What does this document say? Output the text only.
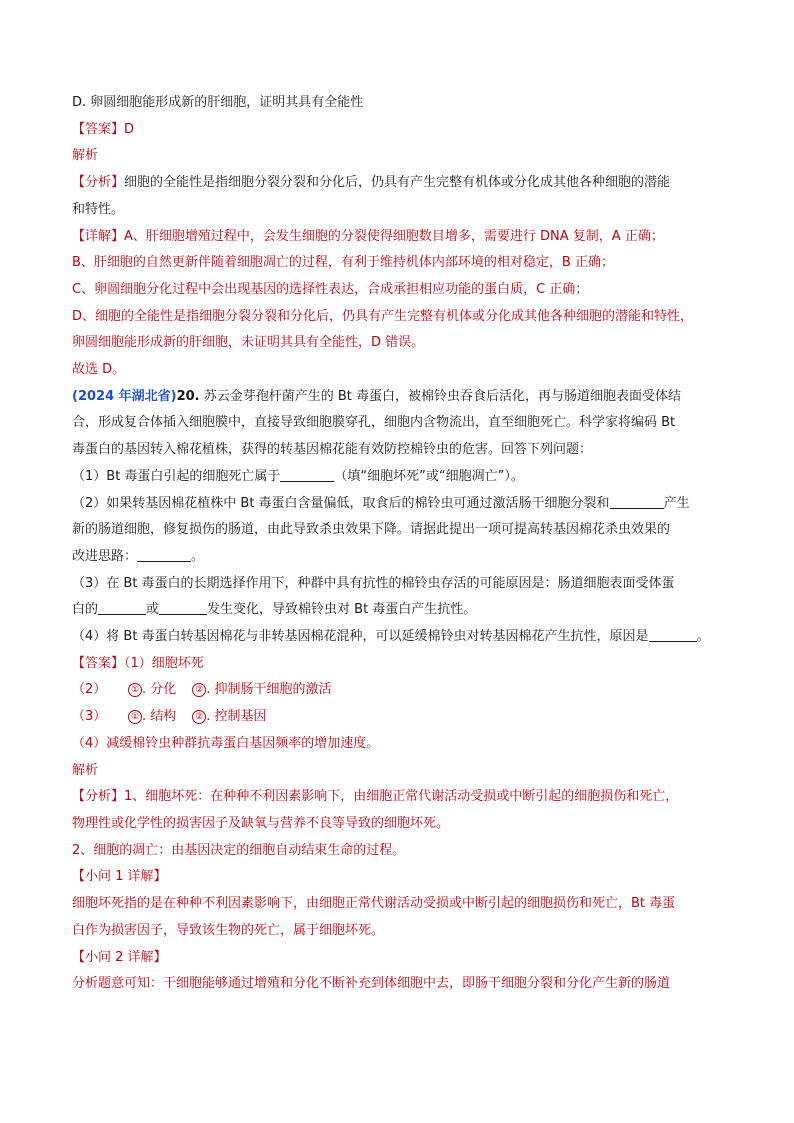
D. 卵圆细胞能形成新的肝细胞，证明其具有全能性
【答案】D
解析
【分析】细胞的全能性是指细胞分裂分裂和分化后，仍具有产生完整有机体或分化成其他各种细胞的潜能
和特性。
【详解】A、肝细胞增殖过程中，会发生细胞的分裂使得细胞数目增多，需要进行 DNA 复制，A 正确；
B、肝细胞的自然更新伴随着细胞凋亡的过程，有利于维持机体内部环境的相对稳定，B 正确；
C、卵圆细胞分化过程中会出现基因的选择性表达，合成承担相应功能的蛋白质，C 正确；
D、细胞的全能性是指细胞分裂分裂和分化后，仍具有产生完整有机体或分化成其他各种细胞的潜能和特性，
卵圆细胞能形成新的肝细胞，未证明其具有全能性，D 错误。
故选 D。
(2024 年湖北省)20. 苏云金芽孢杆菌产生的 Bt 毒蛋白，被棉铃虫吞食后活化，再与肠道细胞表面受体结
合，形成复合体插入细胞膜中，直接导致细胞膜穿孔，细胞内含物流出，直至细胞死亡。科学家将编码 Bt
毒蛋白的基因转入棉花植株，获得的转基因棉花能有效防控棉铃虫的危害。回答下列问题：
（1）Bt 毒蛋白引起的细胞死亡属于	（填“细胞坏死”或“细胞凋亡”）。
（2）如果转基因棉花植株中 Bt 毒蛋白含量偏低，取食后的棉铃虫可通过激活肠干细胞分裂和	产生
新的肠道细胞，修复损伤的肠道，由此导致杀虫效果下降。请据此提出一项可提高转基因棉花杀虫效果的
改进思路：	。
（3）在 Bt 毒蛋白的长期选择作用下，种群中具有抗性的棉铃虫存活的可能原因是：肠道细胞表面受体蛋
白的	或	发生变化，导致棉铃虫对 Bt 毒蛋白产生抗性。
（4）将 Bt 毒蛋白转基因棉花与非转基因棉花混种，可以延缓棉铃虫对转基因棉花产生抗性，原因是	。
【答案】（1）细胞坏死
（2）	① . 分化 ② . 抑制肠干细胞的激活
（3）	① . 结构 ② . 控制基因
（4）减缓棉铃虫种群抗毒蛋白基因频率的增加速度。
解析
【分析】1、细胞坏死：在种种不利因素影响下，由细胞正常代谢活动受损或中断引起的细胞损伤和死亡，
物理性或化学性的损害因子及缺氧与营养不良等导致的细胞坏死。
2、细胞的凋亡：由基因决定的细胞自动结束生命的过程。
【小问 1 详解】
细胞坏死指的是在种种不利因素影响下，由细胞正常代谢活动受损或中断引起的细胞损伤和死亡，Bt 毒蛋
白作为损害因子，导致该生物的死亡，属于细胞坏死。
【小问 2 详解】
分析题意可知：干细胞能够通过增殖和分化不断补充到体细胞中去，即肠干细胞分裂和分化产生新的肠道
